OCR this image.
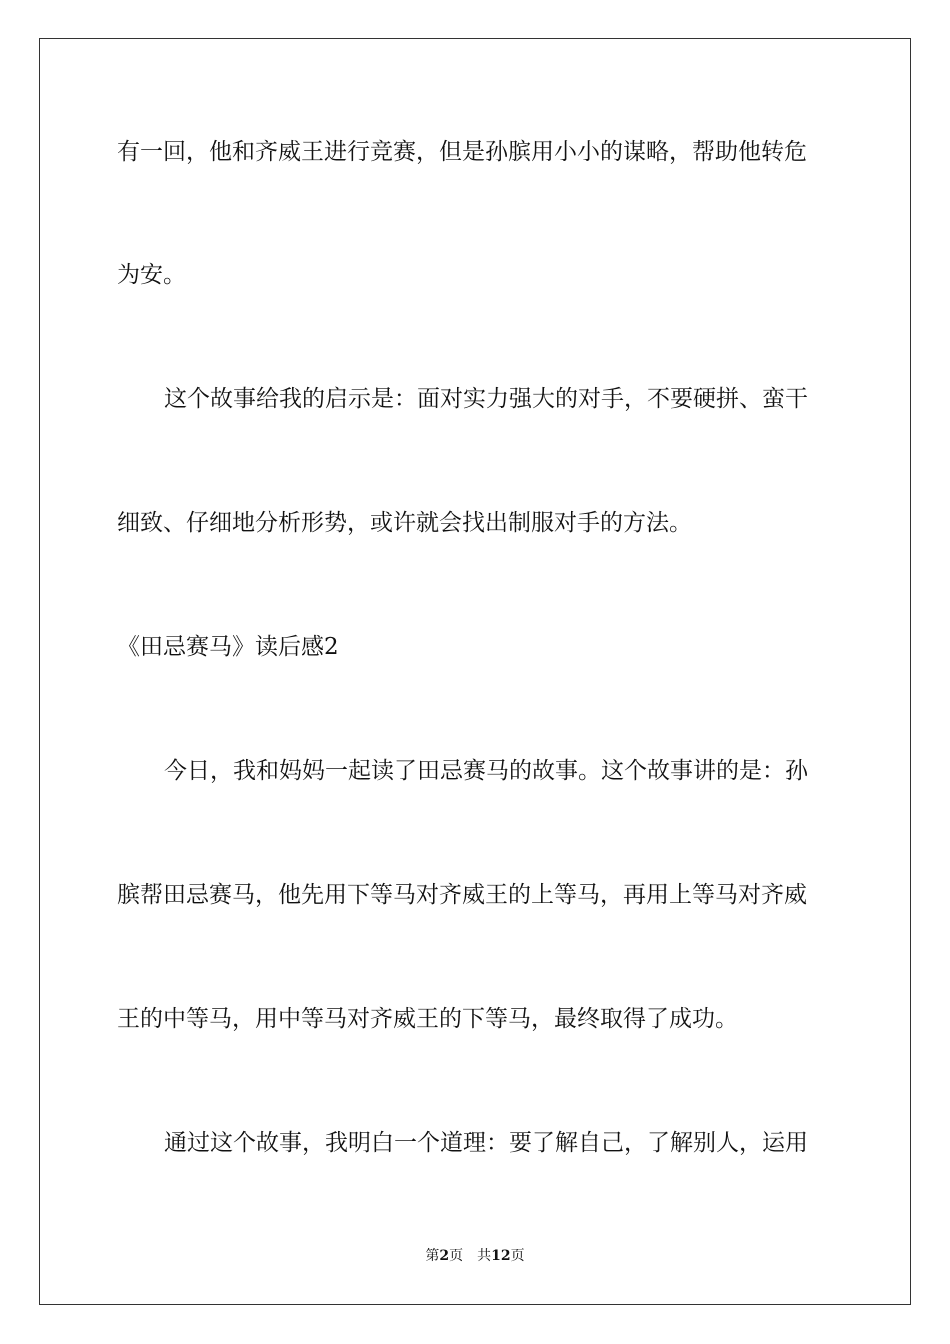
有一回，他和齐威王进行竞赛，但是孙膑用小小的谋略，帮助他转危
为安。
这个故事给我的启示是：面对实力强大的对手，不要硬拼、蛮干
细致、仔细地分析形势，或许就会找出制服对手的方法。
《田忌赛马》读后感2
今日，我和妈妈一起读了田忌赛马的故事。这个故事讲的是：孙
膑帮田忌赛马，他先用下等马对齐威王的上等马，再用上等马对齐威
王的中等马，用中等马对齐威王的下等马，最终取得了成功。
通过这个故事，我明白一个道理：要了解自己，了解别人，运用
第2页 共12页
